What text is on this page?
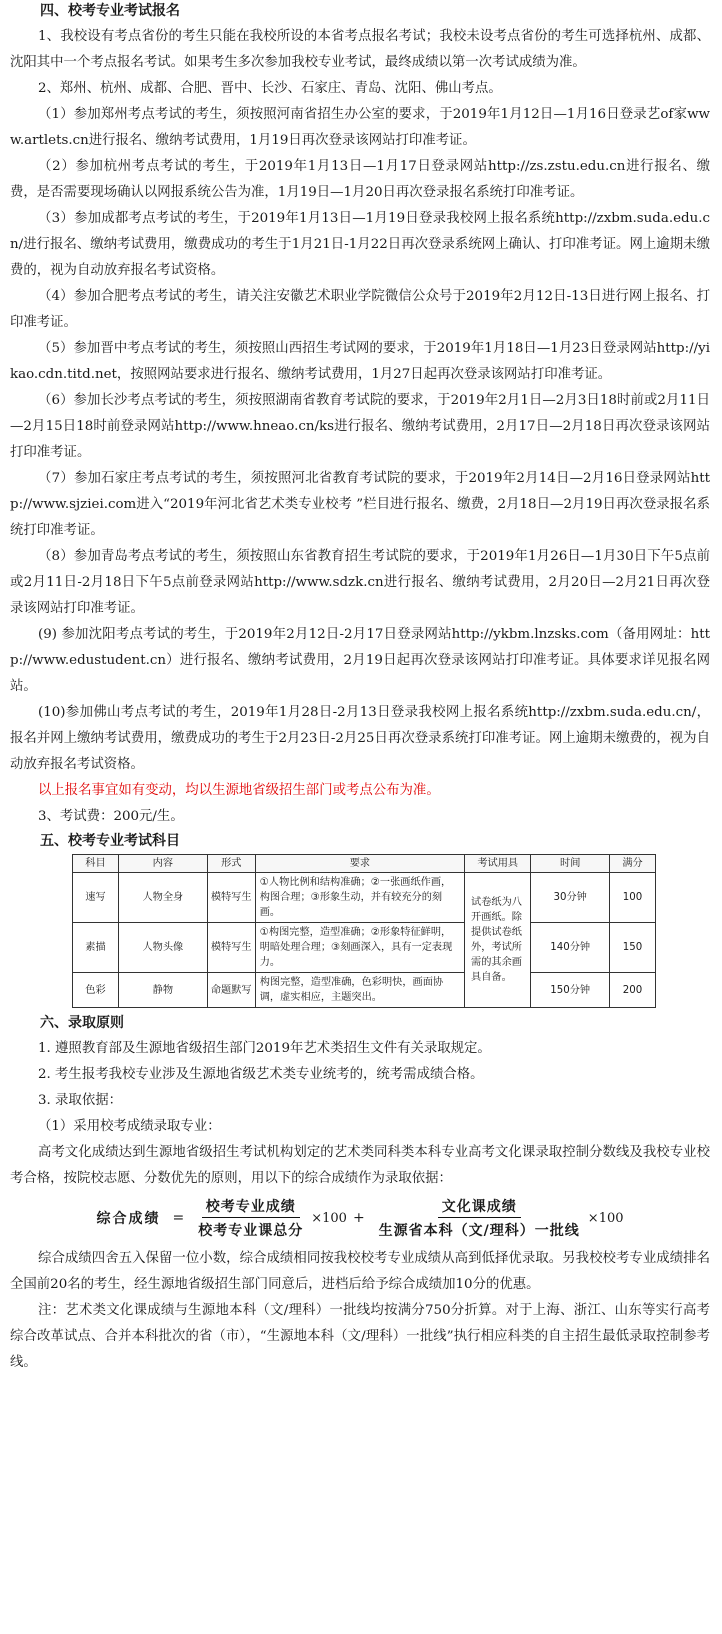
四、校考专业考试报名

1、我校设有考点省份的考生只能在我校所设的本省考点报名考试；我校未设考点省份的考生可选择杭州、成都、沈阳其中一个考点报名考试。如果考生多次参加我校专业考试，最终成绩以第一次考试成绩为准。

2、郑州、杭州、成都、合肥、晋中、长沙、石家庄、青岛、沈阳、佛山考点。

（1）参加郑州考点考试的考生，须按照河南省招生办公室的要求，于2019年1月12日—1月16日登录艺of家www.artlets.cn进行报名、缴纳考试费用，1月19日再次登录该网站打印准考证。

（2）参加杭州考点考试的考生，于2019年1月13日—1月17日登录网站http://zs.zstu.edu.cn进行报名、缴费，是否需要现场确认以网报系统公告为准，1月19日—1月20日再次登录报名系统打印准考证。

（3）参加成都考点考试的考生，于2019年1月13日—1月19日登录我校网上报名系统http://zxbm.suda.edu.cn/进行报名、缴纳考试费用，缴费成功的考生于1月21日-1月22日再次登录系统网上确认、打印准考证。网上逾期未缴费的，视为自动放弃报名考试资格。

（4）参加合肥考点考试的考生，请关注安徽艺术职业学院微信公众号于2019年2月12日-13日进行网上报名、打印准考证。

（5）参加晋中考点考试的考生，须按照山西招生考试网的要求，于2019年1月18日—1月23日登录网站http://yikao.cdn.titd.net，按照网站要求进行报名、缴纳考试费用，1月27日起再次登录该网站打印准考证。

（6）参加长沙考点考试的考生，须按照湖南省教育考试院的要求，于2019年2月1日—2月3日18时前或2月11日—2月15日18时前登录网站http://www.hneao.cn/ks进行报名、缴纳考试费用，2月17日—2月18日再次登录该网站打印准考证。

（7）参加石家庄考点考试的考生，须按照河北省教育考试院的要求，于2019年2月14日—2月16日登录网站http://www.sjziei.com进入“2019年河北省艺术类专业校考 ”栏目进行报名、缴费，2月18日—2月19日再次登录报名系统打印准考证。

（8）参加青岛考点考试的考生，须按照山东省教育招生考试院的要求，于2019年1月26日—1月30日下午5点前或2月11日-2月18日下午5点前登录网站http://www.sdzk.cn进行报名、缴纳考试费用，2月20日—2月21日再次登录该网站打印准考证。

(9) 参加沈阳考点考试的考生，于2019年2月12日-2月17日登录网站http://ykbm.lnzsks.com（备用网址：http://www.edustudent.cn）进行报名、缴纳考试费用，2月19日起再次登录该网站打印准考证。具体要求详见报名网站。

(10)参加佛山考点考试的考生，2019年1月28日-2月13日登录我校网上报名系统http://zxbm.suda.edu.cn/，报名并网上缴纳考试费用，缴费成功的考生于2月23日-2月25日再次登录系统打印准考证。网上逾期未缴费的，视为自动放弃报名考试资格。

以上报名事宜如有变动，均以生源地省级招生部门或考点公布为准。

3、考试费：200元/生。

五、校考专业考试科目
科目	内容	形式	要求	考试用具	时间	满分
速写	人物全身	模特写生	①人物比例和结构准确；②一张画纸作画，构图合理；③形象生动，并有较充分的刻画。	试卷纸为八开画纸。除提供试卷纸外，考试所需的其余画具自备。	30分钟	100
素描	人物头像	模特写生	①构图完整，造型准确；②形象特征鲜明，明暗处理合理；③刻画深入，具有一定表现力。		140分钟	150
色彩	静物	命题默写	构图完整，造型准确，色彩明快，画面协调，虚实相应，主题突出。		150分钟	200
六、录取原则

1. 遵照教育部及生源地省级招生部门2019年艺术类招生文件有关录取规定。

2. 考生报考我校专业涉及生源地省级艺术类专业统考的，统考需成绩合格。

3. 录取依据：

（1）采用校考成绩录取专业：

高考文化成绩达到生源地省级招生考试机构划定的艺术类同科类本科专业高考文化课录取控制分数线及我校专业校考合格，按院校志愿、分数优先的原则，用以下的综合成绩作为录取依据：

综合成绩 = $\frac{\text{校考专业成绩}}{\text{校考专业课总分}} \times 100 + \frac{\text{文化课成绩}}{\text{生源省本科（文/理科）一批线}} \times 100$

综合成绩四舍五入保留一位小数，综合成绩相同按我校校考专业成绩从高到低择优录取。另我校校考专业成绩排名全国前20名的考生，经生源地省级招生部门同意后，进档后给予综合成绩加10分的优惠。

注：艺术类文化课成绩与生源地本科（文/理科）一批线均按满分750分折算。对于上海、浙江、山东等实行高考综合改革试点、合并本科批次的省（市），“生源地本科（文/理科）一批线”执行相应科类的自主招生最低录取控制参考线。
